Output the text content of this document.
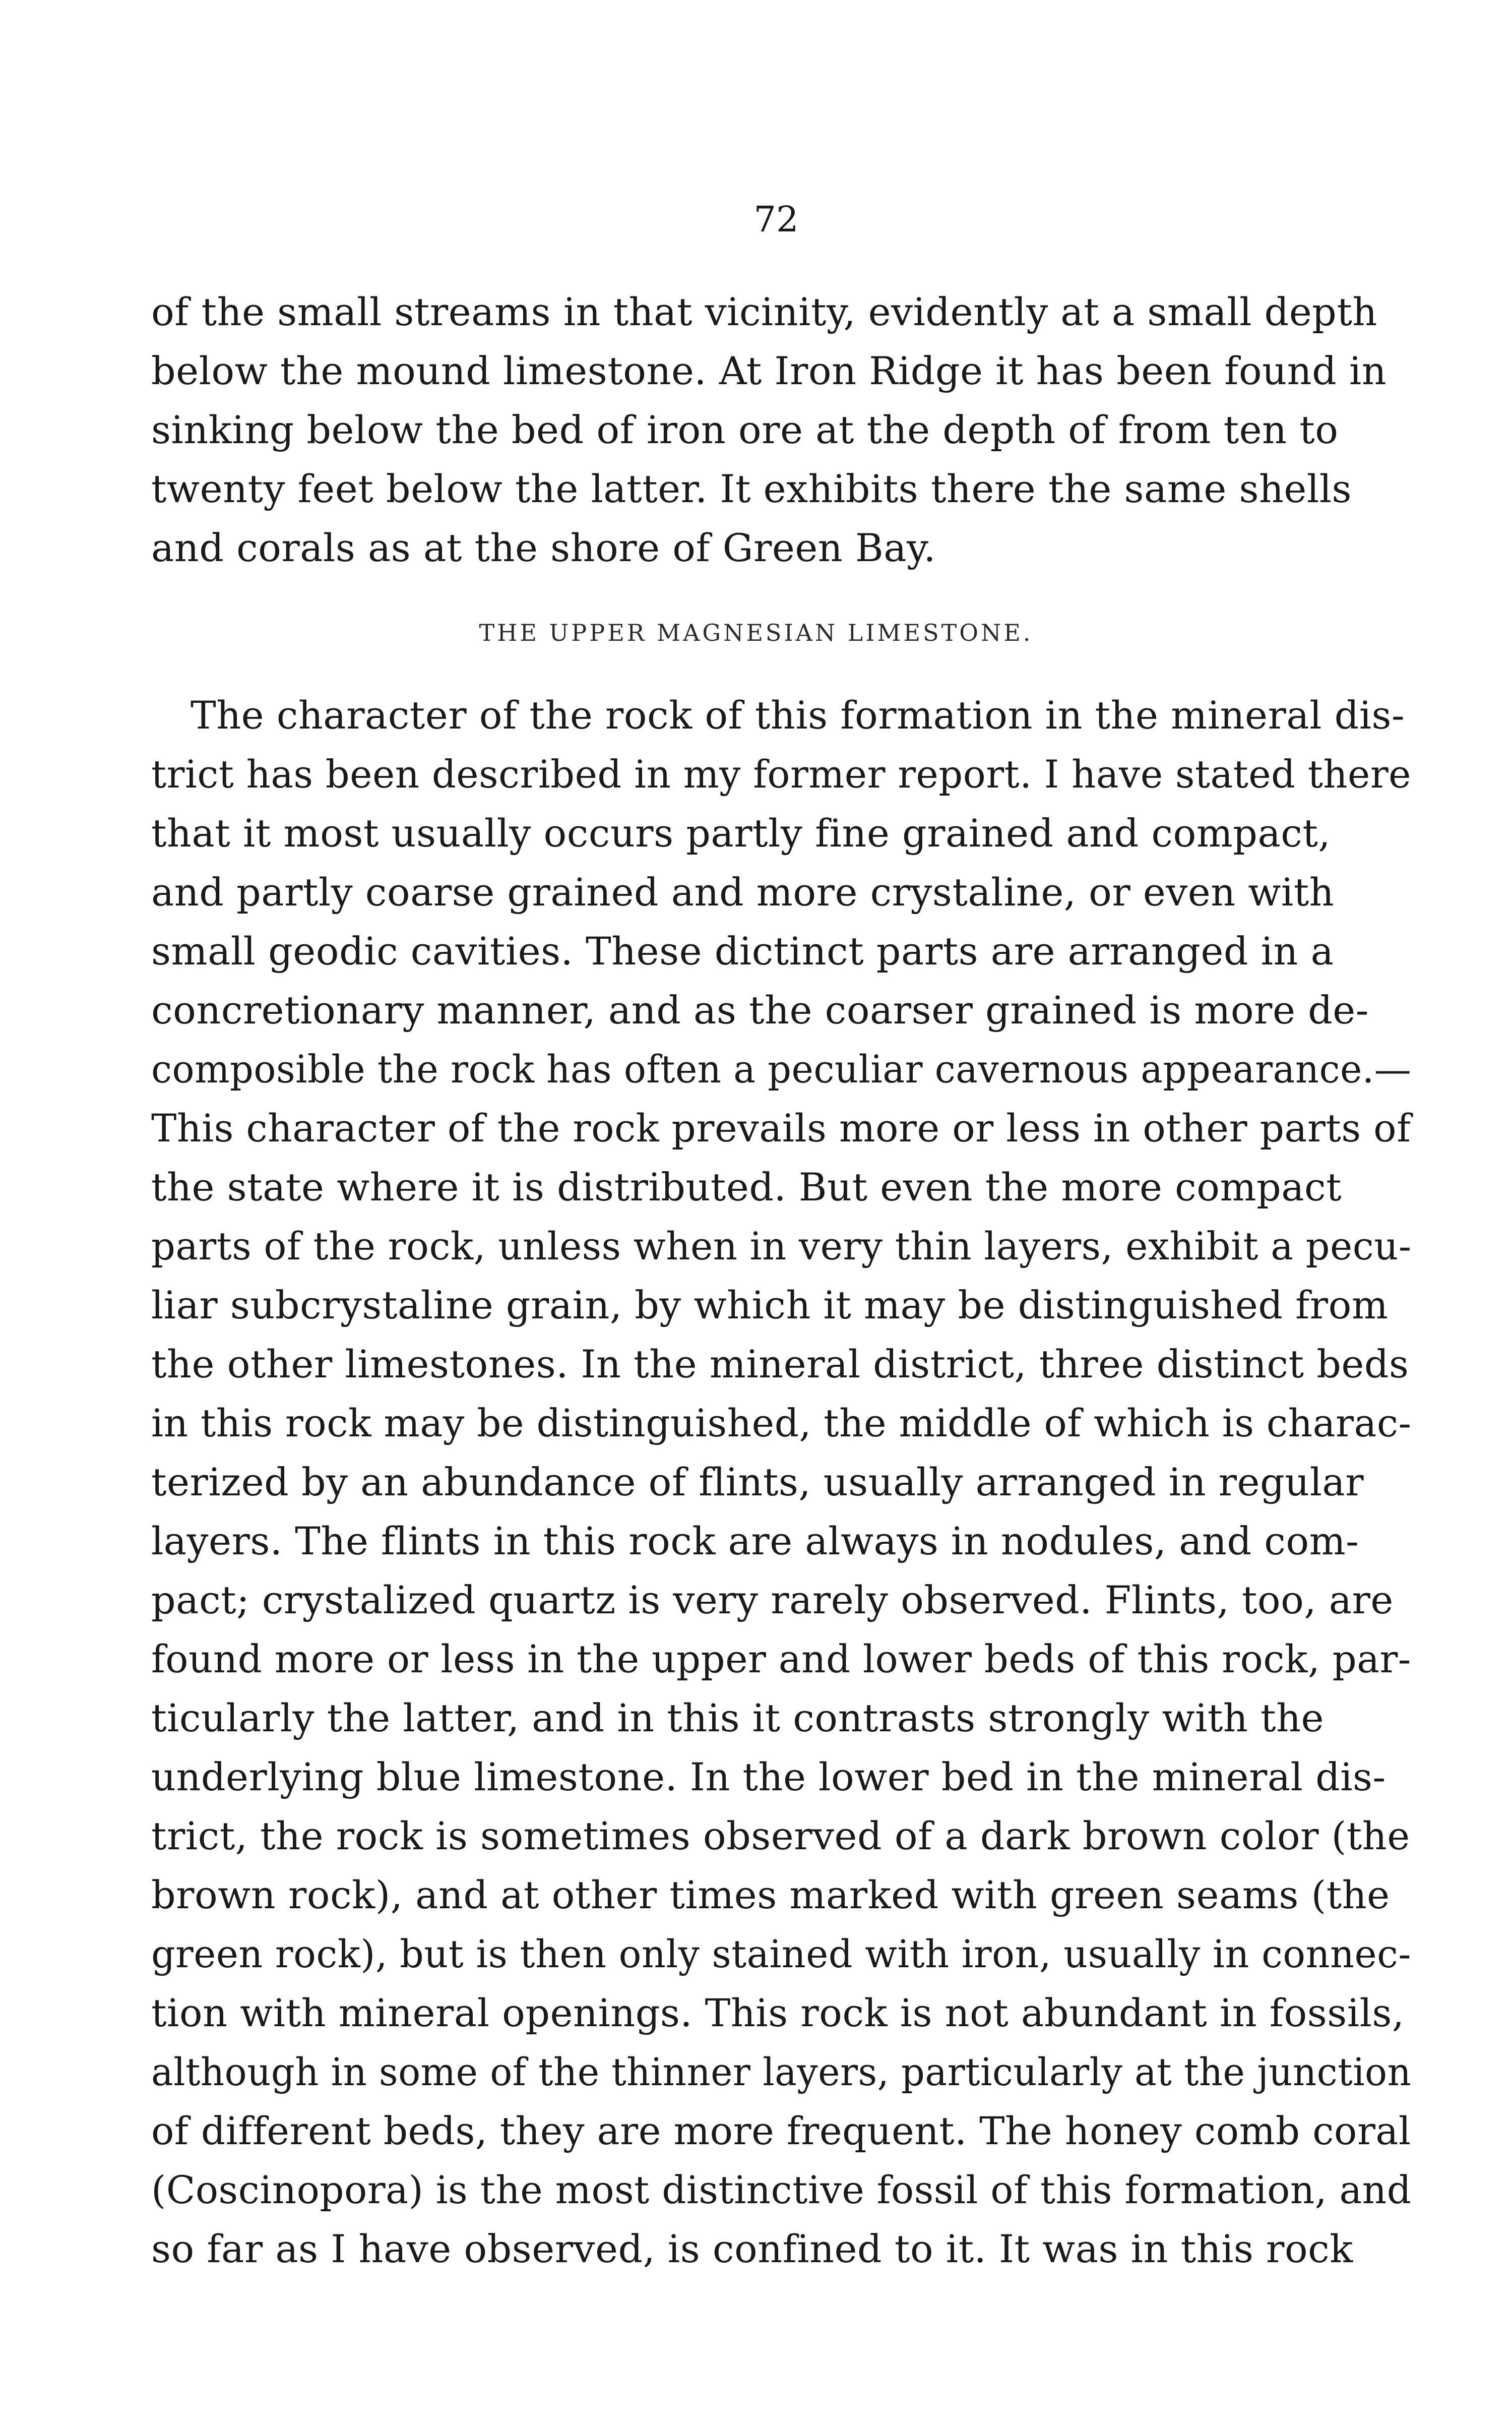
72
of the small streams in that vicinity, evidently at a small depth
below the mound limestone. At Iron Ridge it has been found in
sinking below the bed of iron ore at the depth of from ten to
twenty feet below the latter. It exhibits there the same shells
and corals as at the shore of Green Bay.
THE UPPER MAGNESIAN LIMESTONE.
The character of the rock of this formation in the mineral dis-
trict has been described in my former report. I have stated there
that it most usually occurs partly fine grained and compact,
and partly coarse grained and more crystaline, or even with
small geodic cavities. These dictinct parts are arranged in a
concretionary manner, and as the coarser grained is more de-
composible the rock has often a peculiar cavernous appearance.—
This character of the rock prevails more or less in other parts of
the state where it is distributed. But even the more compact
parts of the rock, unless when in very thin layers, exhibit a pecu-
liar subcrystaline grain, by which it may be distinguished from
the other limestones. In the mineral district, three distinct beds
in this rock may be distinguished, the middle of which is charac-
terized by an abundance of flints, usually arranged in regular
layers. The flints in this rock are always in nodules, and com-
pact; crystalized quartz is very rarely observed. Flints, too, are
found more or less in the upper and lower beds of this rock, par-
ticularly the latter, and in this it contrasts strongly with the
underlying blue limestone. In the lower bed in the mineral dis-
trict, the rock is sometimes observed of a dark brown color (the
brown rock), and at other times marked with green seams (the
green rock), but is then only stained with iron, usually in connec-
tion with mineral openings. This rock is not abundant in fossils,
although in some of the thinner layers, particularly at the junction
of different beds, they are more frequent. The honey comb coral
(Coscinopora) is the most distinctive fossil of this formation, and
so far as I have observed, is confined to it. It was in this rock
